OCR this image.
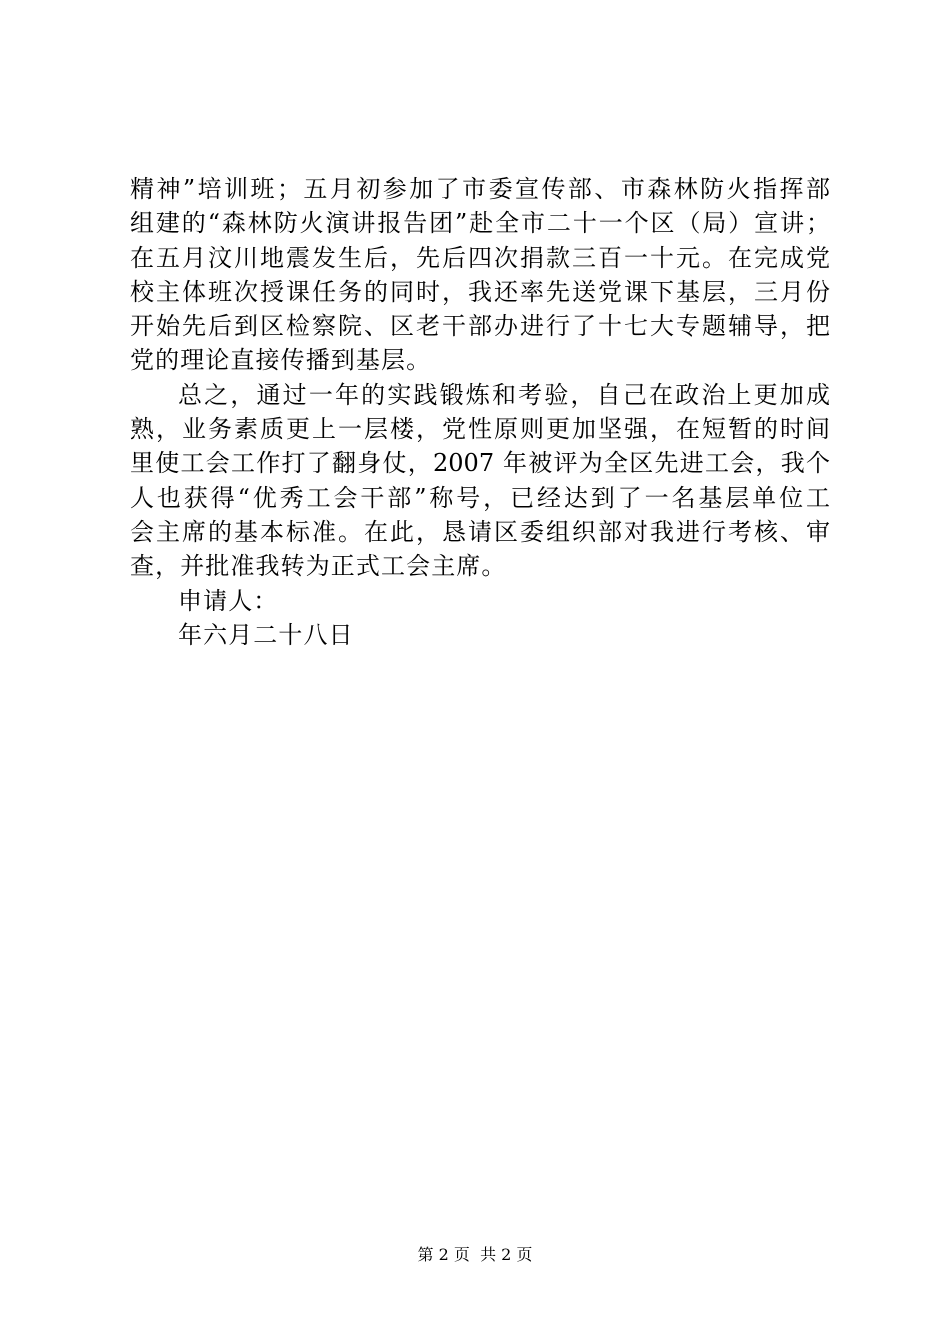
精神”培训班；五月初参加了市委宣传部、市森林防火指挥部
组建的“森林防火演讲报告团”赴全市二十一个区（局）宣讲；
在五月汶川地震发生后，先后四次捐款三百一十元。在完成党
校主体班次授课任务的同时，我还率先送党课下基层，三月份
开始先后到区检察院、区老干部办进行了十七大专题辅导，把
党的理论直接传播到基层。
总之，通过一年的实践锻炼和考验，自己在政治上更加成
熟，业务素质更上一层楼，党性原则更加坚强，在短暂的时间
里使工会工作打了翻身仗，2007 年被评为全区先进工会，我个
人也获得“优秀工会干部”称号，已经达到了一名基层单位工
会主席的基本标准。在此，恳请区委组织部对我进行考核、审
查，并批准我转为正式工会主席。
申请人：
年六月二十八日
第 2 页  共 2 页
